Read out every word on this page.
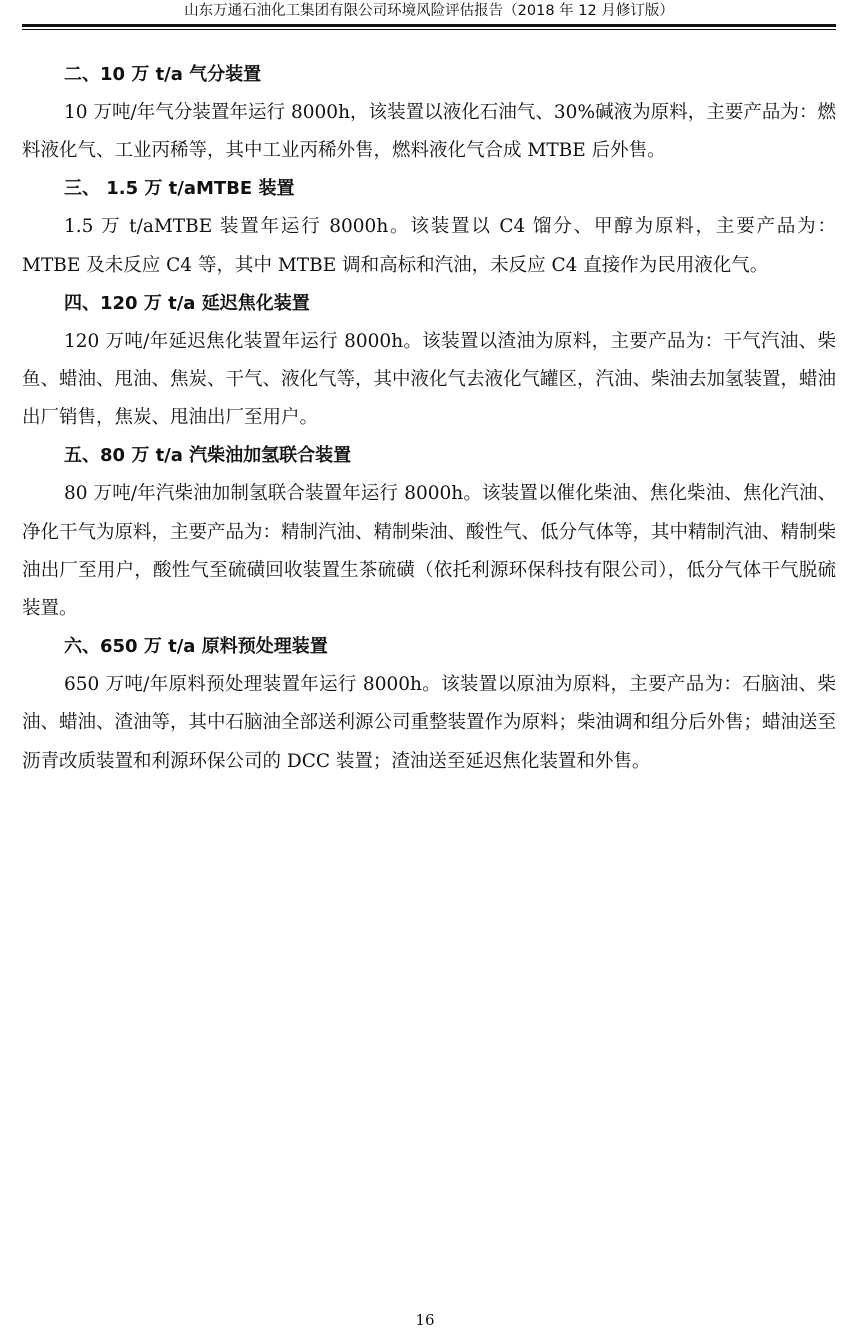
山东万通石油化工集团有限公司环境风险评估报告（2018 年 12 月修订版）
二、10 万 t/a 气分装置

10 万吨/年气分装置年运行 8000h，该装置以液化石油气、30%碱液为原料，主要产品为：燃料液化气、工业丙稀等，其中工业丙稀外售，燃料液化气合成 MTBE 后外售。

三、 1.5 万 t/aMTBE 装置

1.5 万 t/aMTBE 装置年运行 8000h。该装置以 C4 馏分、甲醇为原料，主要产品为：MTBE 及未反应 C4 等，其中 MTBE 调和高标和汽油，未反应 C4 直接作为民用液化气。

四、120 万 t/a 延迟焦化装置

120 万吨/年延迟焦化装置年运行 8000h。该装置以渣油为原料，主要产品为：干气汽油、柴鱼、蜡油、甩油、焦炭、干气、液化气等，其中液化气去液化气罐区，汽油、柴油去加氢装置，蜡油出厂销售，焦炭、甩油出厂至用户。

五、80 万 t/a 汽柴油加氢联合装置

80 万吨/年汽柴油加制氢联合装置年运行 8000h。该装置以催化柴油、焦化柴油、焦化汽油、净化干气为原料，主要产品为：精制汽油、精制柴油、酸性气、低分气体等，其中精制汽油、精制柴油出厂至用户，酸性气至硫磺回收装置生茶硫磺（依托利源环保科技有限公司），低分气体干气脱硫装置。

六、650 万 t/a 原料预处理装置

650 万吨/年原料预处理装置年运行 8000h。该装置以原油为原料，主要产品为：石脑油、柴油、蜡油、渣油等，其中石脑油全部送利源公司重整装置作为原料；柴油调和组分后外售；蜡油送至沥青改质装置和利源环保公司的 DCC 装置；渣油送至延迟焦化装置和外售。

16
